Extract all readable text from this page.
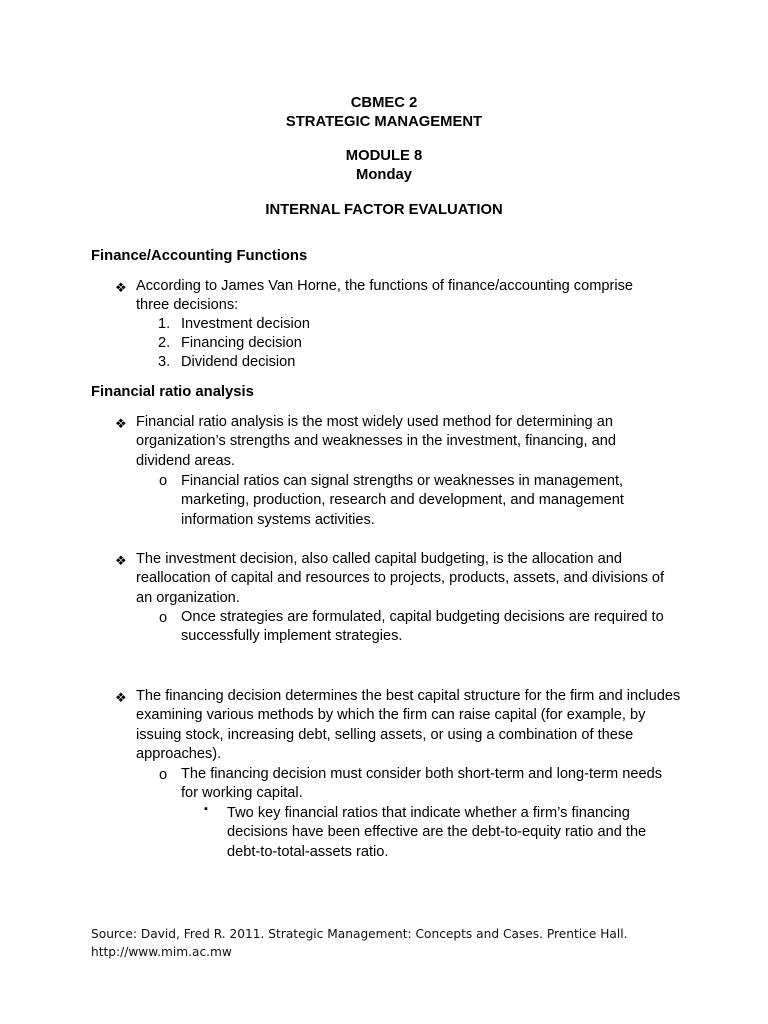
CBMEC 2
STRATEGIC MANAGEMENT
MODULE 8
Monday
INTERNAL FACTOR EVALUATION
Finance/Accounting Functions
❖ According to James Van Horne, the functions of finance/accounting comprise three decisions:
1. Investment decision
2. Financing decision
3. Dividend decision
Financial ratio analysis
❖ Financial ratio analysis is the most widely used method for determining an organization’s strengths and weaknesses in the investment, financing, and dividend areas.
o Financial ratios can signal strengths or weaknesses in management, marketing, production, research and development, and management information systems activities.
❖ The investment decision, also called capital budgeting, is the allocation and reallocation of capital and resources to projects, products, assets, and divisions of an organization.
o Once strategies are formulated, capital budgeting decisions are required to successfully implement strategies.
❖ The financing decision determines the best capital structure for the firm and includes examining various methods by which the firm can raise capital (for example, by issuing stock, increasing debt, selling assets, or using a combination of these approaches).
o The financing decision must consider both short-term and long-term needs for working capital.
▪ Two key financial ratios that indicate whether a firm’s financing decisions have been effective are the debt-to-equity ratio and the debt-to-total-assets ratio.
Source: David, Fred R. 2011. Strategic Management: Concepts and Cases. Prentice Hall.
http://www.mim.ac.mw
